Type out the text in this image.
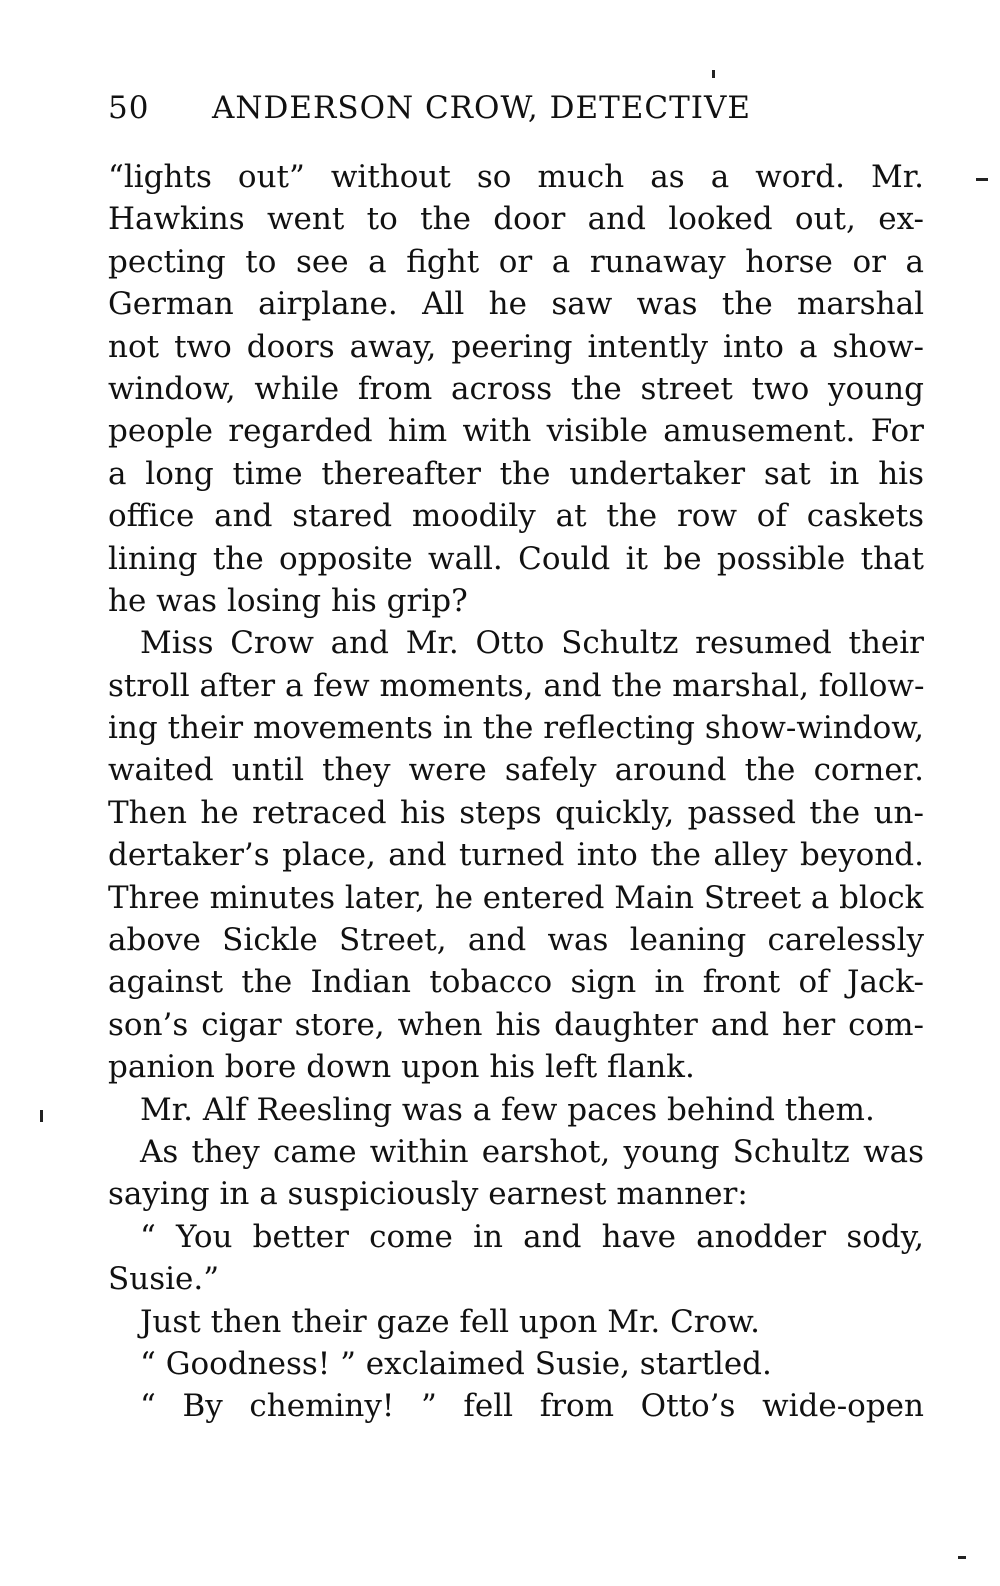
50 ANDERSON CROW, DETECTIVE
“lights out” without so much as a word. Mr.
Hawkins went to the door and looked out, ex-
pecting to see a fight or a runaway horse or a
German airplane. All he saw was the marshal
not two doors away, peering intently into a show-
window, while from across the street two young
people regarded him with visible amusement. For
a long time thereafter the undertaker sat in his
office and stared moodily at the row of caskets
lining the opposite wall. Could it be possible that
he was losing his grip?
Miss Crow and Mr. Otto Schultz resumed their
stroll after a few moments, and the marshal, follow-
ing their movements in the reflecting show-window,
waited until they were safely around the corner.
Then he retraced his steps quickly, passed the un-
dertaker’s place, and turned into the alley beyond.
Three minutes later, he entered Main Street a block
above Sickle Street, and was leaning carelessly
against the Indian tobacco sign in front of Jack-
son’s cigar store, when his daughter and her com-
panion bore down upon his left flank.
Mr. Alf Reesling was a few paces behind them.
As they came within earshot, young Schultz was
saying in a suspiciously earnest manner:
“ You better come in and have anodder sody,
Susie.”
Just then their gaze fell upon Mr. Crow.
“ Goodness! ” exclaimed Susie, startled.
“ By cheminy! ” fell from Otto’s wide-open
